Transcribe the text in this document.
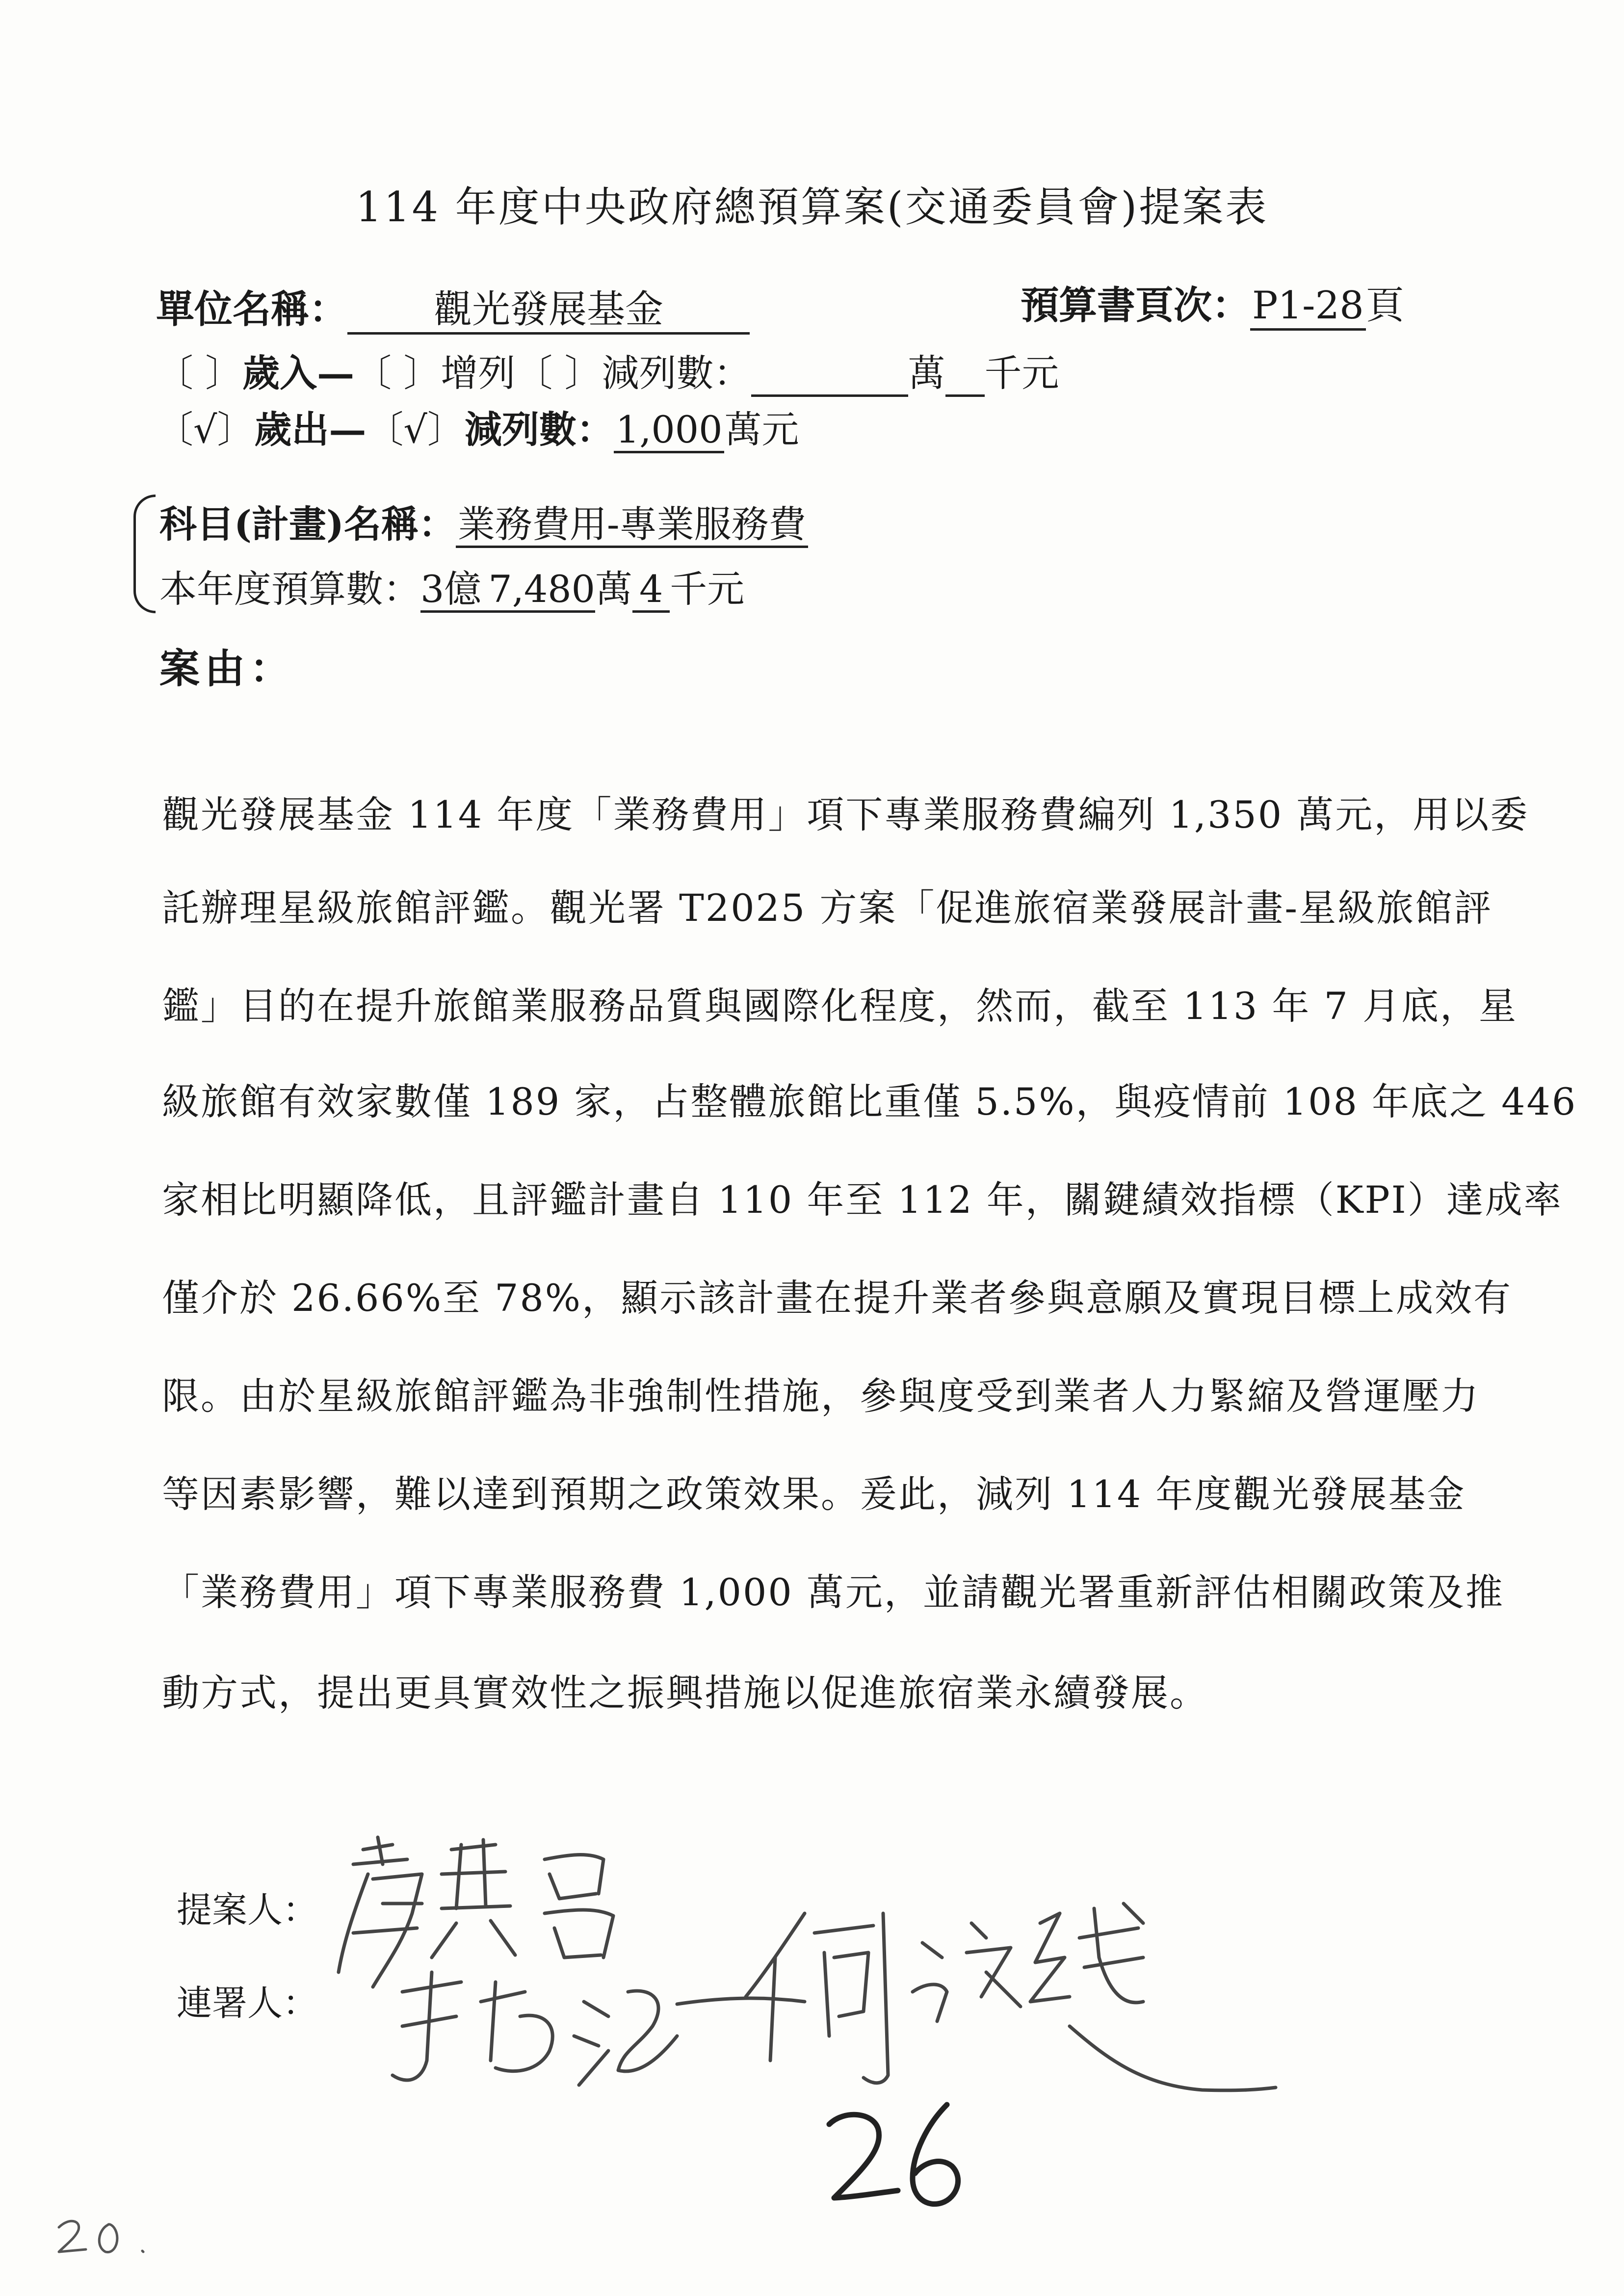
114 年度中央政府總預算案(交通委員會)提案表
單位名稱： 觀光發展基金	預算書頁次：P1-28頁
〔 〕歲入—〔 〕增列〔 〕減列數：	萬 千元
〔√〕歲出—〔√〕減列數：1,000萬元
科目(計畫)名稱：業務費用-專業服務費
本年度預算數：3億 7,480萬 4 千元
案由：
觀光發展基金 114 年度「業務費用」項下專業服務費編列 1,350 萬元，用以委
託辦理星級旅館評鑑。觀光署 T2025 方案「促進旅宿業發展計畫-星級旅館評
鑑」目的在提升旅館業服務品質與國際化程度，然而，截至 113 年 7 月底，星
級旅館有效家數僅 189 家，占整體旅館比重僅 5.5%，與疫情前 108 年底之 446
家相比明顯降低，且評鑑計畫自 110 年至 112 年，關鍵績效指標（KPI）達成率
僅介於 26.66%至 78%，顯示該計畫在提升業者參與意願及實現目標上成效有
限。由於星級旅館評鑑為非強制性措施，參與度受到業者人力緊縮及營運壓力
等因素影響，難以達到預期之政策效果。爰此，減列 114 年度觀光發展基金
「業務費用」項下專業服務費 1,000 萬元，並請觀光署重新評估相關政策及推
動方式，提出更具實效性之振興措施以促進旅宿業永續發展。
提案人：
連署人：
